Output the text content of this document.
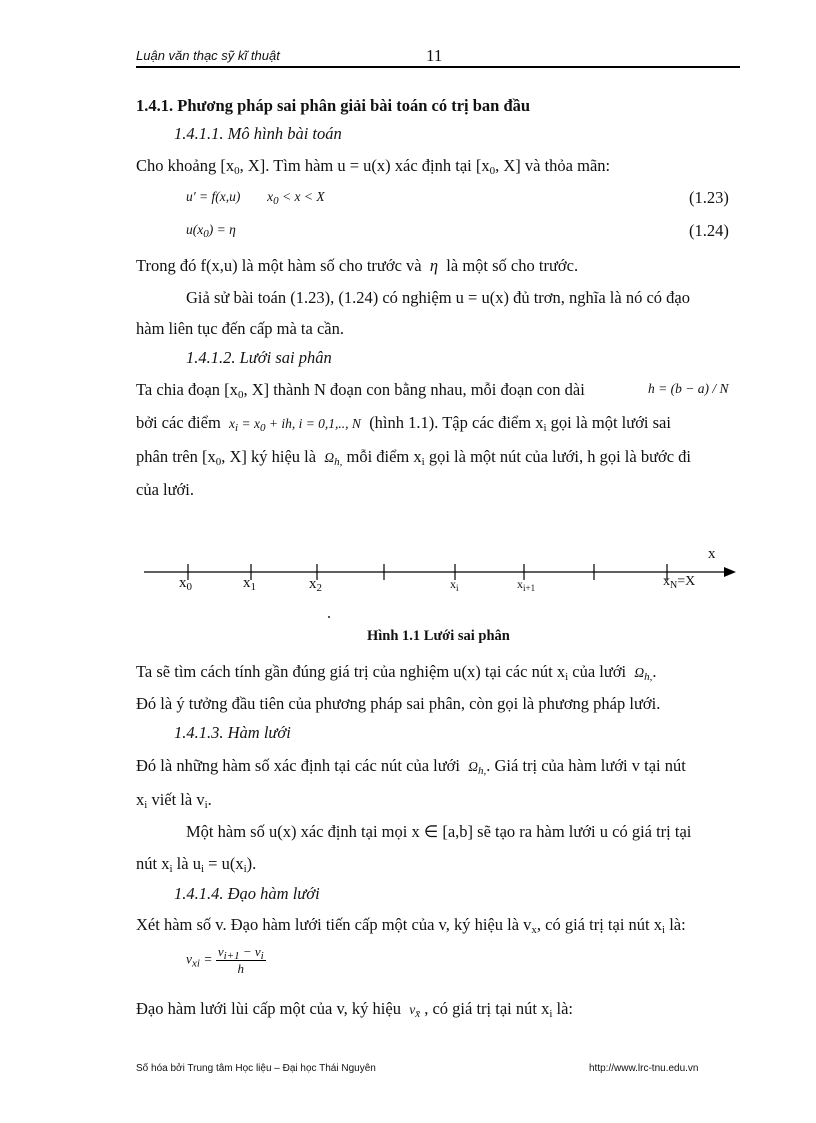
Luận văn thạc sỹ kĩ thuật	11
1.4.1. Phương pháp sai phân giải bài toán có trị ban đầu
1.4.1.1. Mô hình bài toán
Cho khoảng [$x_0$, X]. Tìm hàm u = u(x) xác định tại [$x_0$, X] và thỏa mãn:
u' = f(x,u) $x_0 < x < X$	(1.23)
$u(x_0) = \eta$	(1.24)
Trong đó f(x,u) là một hàm số cho trước và η là một số cho trước.
Giả sử bài toán (1.23), (1.24) có nghiệm u = u(x) đủ trơn, nghĩa là nó có đạo
hàm liên tục đến cấp mà ta cần.
1.4.1.2. Lưới sai phân
Ta chia đoạn [$x_0$, X] thành N đoạn con bằng nhau, mỗi đoạn con dài	h = (b − a) / N
bởi các điểm $x_i = x_0$ + ih, i = 0,1,.., N (hình 1.1). Tập các điểm $x_i$ gọi là một lưới sai
phân trên [$x_0$, X] ký hiệu là $\Omega_{h,}$ mỗi điểm $x_i$ gọi là một nút của lưới, h gọi là bước đi
của lưới.
x
$x_0$	$x_1$	$x_2$	$x_i$	$x_{i+1}$	$x_N=X$
Hình 1.1 Lưới sai phân
Ta sẽ tìm cách tính gần đúng giá trị của nghiệm u(x) tại các nút $x_i$ của lưới $\Omega_{h,}$.
Đó là ý tưởng đầu tiên của phương pháp sai phân, còn gọi là phương pháp lưới.
1.4.1.3. Hàm lưới
Đó là những hàm số xác định tại các nút của lưới $\Omega_{h,}$. Giá trị của hàm lưới v tại nút
$x_i$ viết là $v_i$.
Một hàm số u(x) xác định tại mọi x ∈ [a,b] sẽ tạo ra hàm lưới u có giá trị tại
nút $x_i$ là $u_i = u(x_i)$.
1.4.1.4. Đạo hàm lưới
Xét hàm số v. Đạo hàm lưới tiến cấp một của v, ký hiệu là $v_x$, có giá trị tại nút $x_i$ là:
$v_{xi} = \frac{v_{i+1} - v_i}{h}$
Đạo hàm lưới lùi cấp một của v, ký hiệu $v_{x̄}$ , có giá trị tại nút $x_i$ là:
Số hóa bởi Trung tâm Học liệu – Đại học Thái Nguyên	http://www.lrc-tnu.edu.vn
